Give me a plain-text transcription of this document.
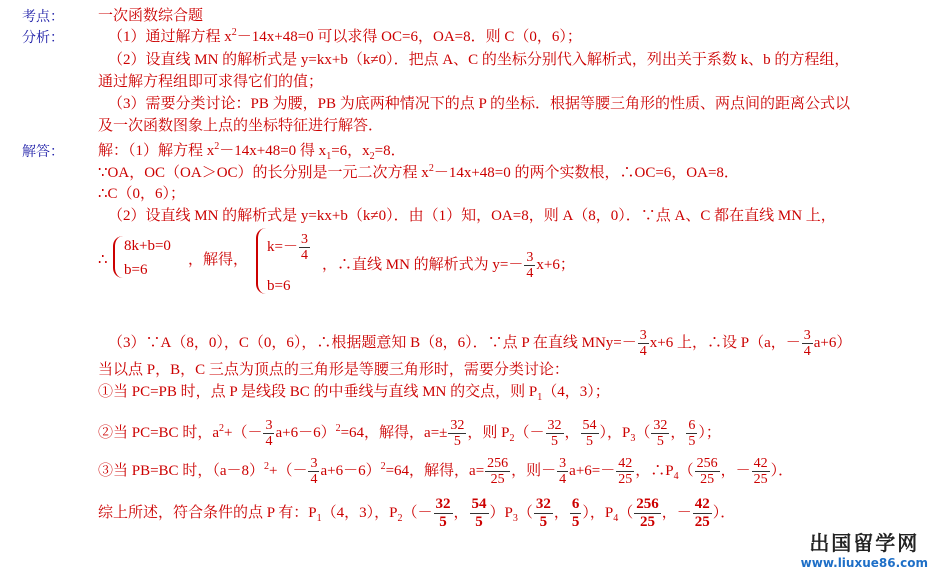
考点：
分析：
解答：
一次函数综合题
（1）通过解方程 $x^2-14x+48=0$ 可以求得 OC=6，OA=8．则 C（0，6）；
（2）设直线 MN 的解析式是 y=kx+b（k≠0）．把点 A、C 的坐标分别代入解析式，列出关于系数 k、b 的方程组，
通过解方程组即可求得它们的值；
（3）需要分类讨论：PB 为腰，PB 为底两种情况下的点 P 的坐标．根据等腰三角形的性质、两点间的距离公式以
及一次函数图象上点的坐标特征进行解答．
解：（1）解方程 $x^2-14x+48=0$ 得 $x_1=6$，$x_2=8$．
∵OA，OC（OA＞OC）的长分别是一元二次方程 $x^2-14x+48=0$ 的两个实数根，∴OC=6，OA=8．
∴C（0，6）；
（2）设直线 MN 的解析式是 y=kx+b（k≠0）．由（1）知，OA=8，则 A（8，0）．∵点 A、C 都在直线 MN 上，
∴
8k+b=0
b=6
，解得，
$k=- \frac{3}{4}$
b=6
，∴直线 MN 的解析式为 $y=- \frac{3}{4} x+6$；
（3）∵A（8，0），C（0，6），∴根据题意知 B（8，6）．∵点 P 在直线 $MNy=- \frac{3}{4} x+6$ 上，∴设 P（a，－ $\frac{3}{4} a+6$）
当以点 P，B，C 三点为顶点的三角形是等腰三角形时，需要分类讨论：
①当 PC=PB 时，点 P 是线段 BC 的中垂线与直线 MN 的交点，则 $P_1(4$，3）；
②当 PC=BC 时，$a^2+(- \frac{3}{4} a+6-6)^2=64$，解得，$a=\pm \frac{32}{5}$ ，则 $P_2(- \frac{32}{5}$ ， $\frac{54}{5}$ ），$P_3( \frac{32}{5}$ ， $\frac{6}{5}$ ）；
③当 PB=BC 时，$(a-8)^2+(- \frac{3}{4} a+6-6)^2=64$，解得，$a= \frac{256}{25}$ ，则－ $\frac{3}{4} a+6=- \frac{42}{25}$ ，$\therefore P_4( \frac{256}{25}$ ，－ $\frac{42}{25}$ ）．
综上所述，符合条件的点 P 有：$P_1(4$，3），$P_2(- \frac{32}{5}$ ， $\frac{54}{5} )P_3( \frac{32}{5}$ ， $\frac{6}{5}$ ），$P_4( \frac{256}{25}$ ，－ $\frac{42}{25}$ ）．
出国留学网
www.liuxue86.com
